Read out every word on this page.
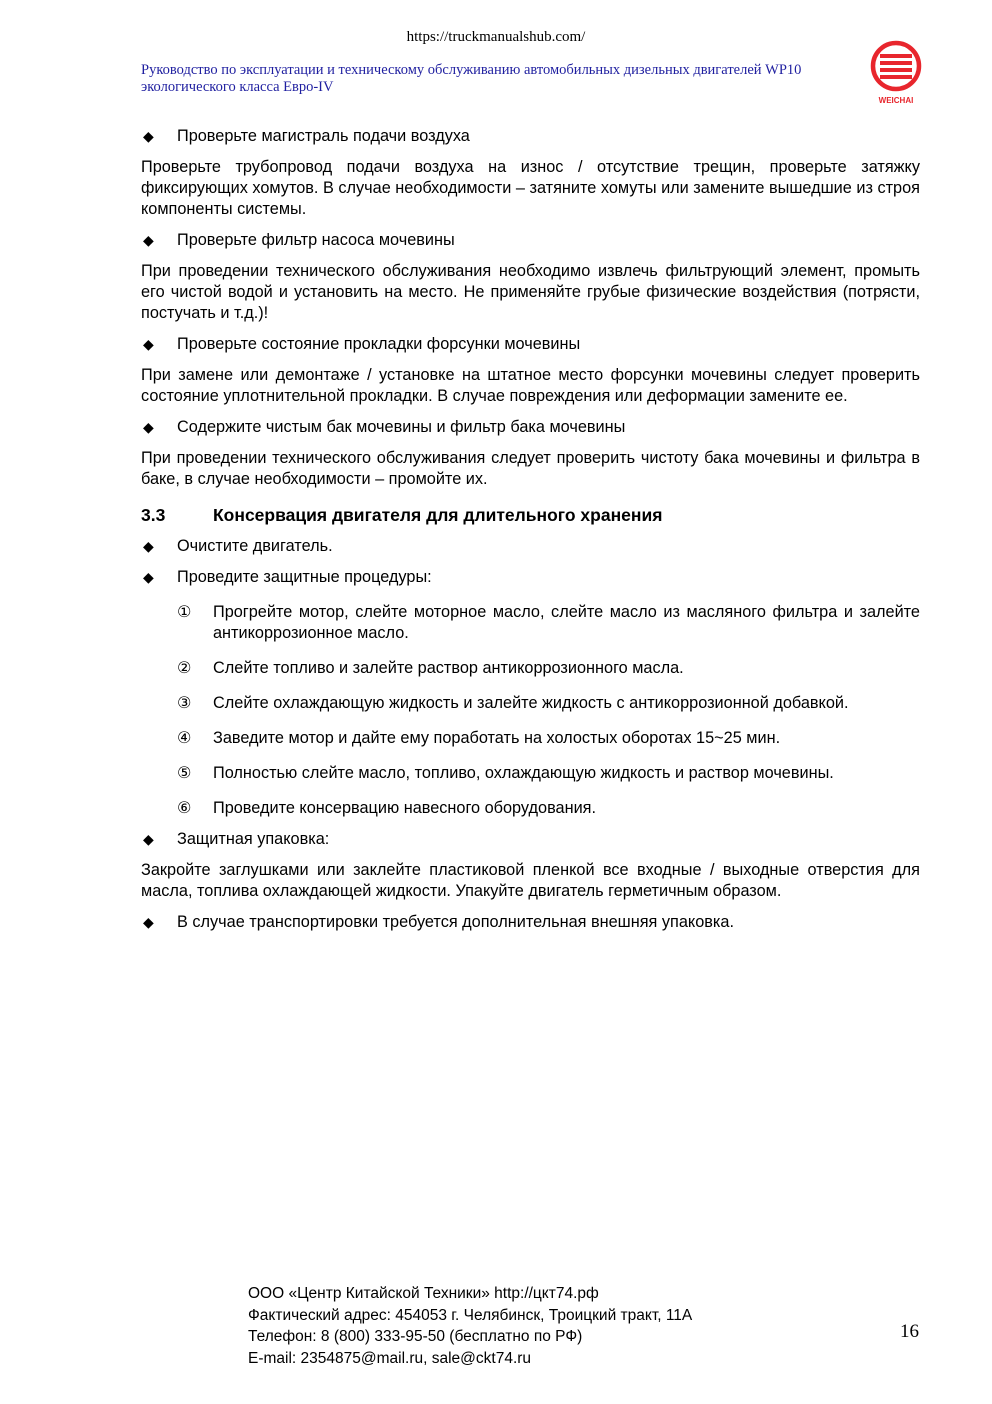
https://truckmanualshub.com/
Руководство по эксплуатации и техническому обслуживанию автомобильных дизельных двигателей WP10 экологического класса Евро-IV
WEICHAI
◆ Проверьте магистраль подачи воздуха
Проверьте трубопровод подачи воздуха на износ / отсутствие трещин, проверьте затяжку фиксирующих хомутов. В случае необходимости – затяните хомуты или замените вышедшие из строя компоненты системы.
◆ Проверьте фильтр насоса мочевины
При проведении технического обслуживания необходимо извлечь фильтрующий элемент, промыть его чистой водой и установить на место. Не применяйте грубые физические воздействия (потрясти, постучать и т.д.)!
◆ Проверьте состояние прокладки форсунки мочевины
При замене или демонтаже / установке на штатное место форсунки мочевины следует проверить состояние уплотнительной прокладки. В случае повреждения или деформации замените ее.
◆ Содержите чистым бак мочевины и фильтр бака мочевины
При проведении технического обслуживания следует проверить чистоту бака мочевины и фильтра в баке, в случае необходимости – промойте их.
3.3	Консервация двигателя для длительного хранения
◆ Очистите двигатель.
◆ Проведите защитные процедуры:
① Прогрейте мотор, слейте моторное масло, слейте масло из масляного фильтра и залейте антикоррозионное масло.
② Слейте топливо и залейте раствор антикоррозионного масла.
③ Слейте охлаждающую жидкость и залейте жидкость с антикоррозионной добавкой.
④ Заведите мотор и дайте ему поработать на холостых оборотах 15~25 мин.
⑤ Полностью слейте масло, топливо, охлаждающую жидкость и раствор мочевины.
⑥ Проведите консервацию навесного оборудования.
◆ Защитная упаковка:
Закройте заглушками или заклейте пластиковой пленкой все входные / выходные отверстия для масла, топлива охлаждающей жидкости. Упакуйте двигатель герметичным образом.
◆ В случае транспортировки требуется дополнительная внешняя упаковка.
ООО «Центр Китайской Техники» http://цкт74.рф
Фактический адрес: 454053 г. Челябинск, Троицкий тракт, 11А
Телефон: 8 (800) 333-95-50 (бесплатно по РФ)
E-mail: 2354875@mail.ru, sale@ckt74.ru
16
